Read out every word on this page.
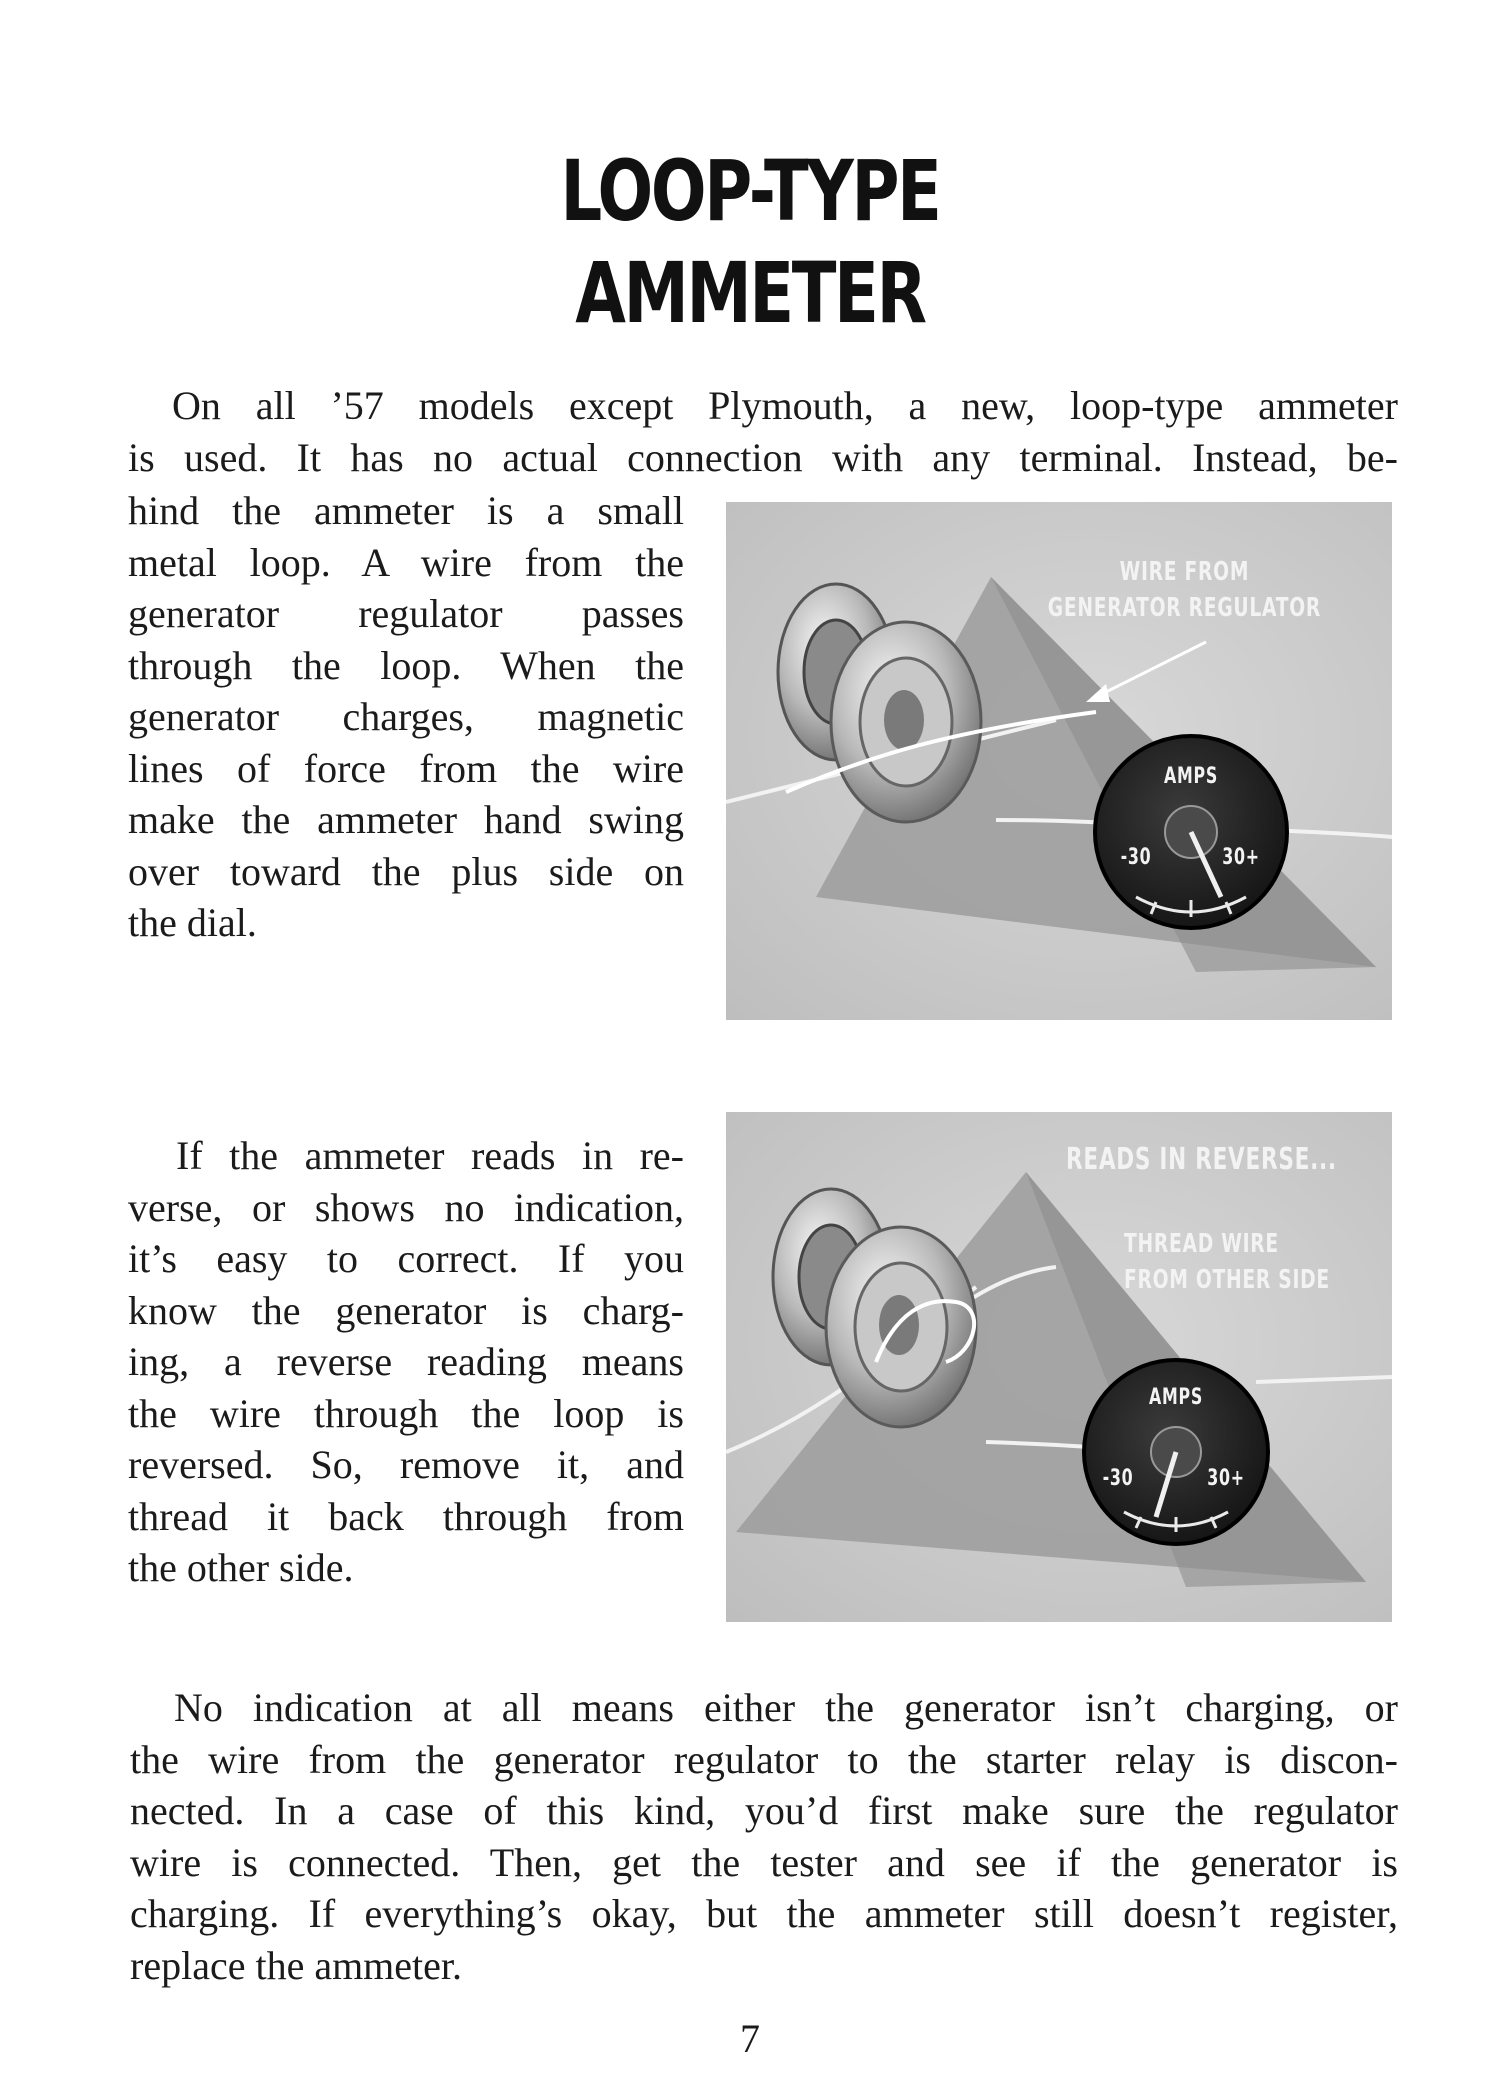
LOOP-TYPE
AMMETER
On all ’57 models except Plymouth, a new, loop-type ammeter
is used. It has no actual connection with any terminal. Instead, be-
hind the ammeter is a small
metal loop. A wire from the
generator regulator passes
through the loop. When the
generator charges, magnetic
lines of force from the wire
make the ammeter hand swing
over toward the plus side on
the dial.
WIRE FROM
GENERATOR REGULATOR
AMPS
-30	30+
If the ammeter reads in re-
verse, or shows no indication,
it’s easy to correct. If you
know the generator is charg-
ing, a reverse reading means
the wire through the loop is
reversed. So, remove it, and
thread it back through from
the other side.
READS IN REVERSE...
THREAD WIRE
FROM OTHER SIDE
AMPS
-30	30+
No indication at all means either the generator isn’t charging, or
the wire from the generator regulator to the starter relay is discon-
nected. In a case of this kind, you’d first make sure the regulator
wire is connected. Then, get the tester and see if the generator is
charging. If everything’s okay, but the ammeter still doesn’t register,
replace the ammeter.
7
